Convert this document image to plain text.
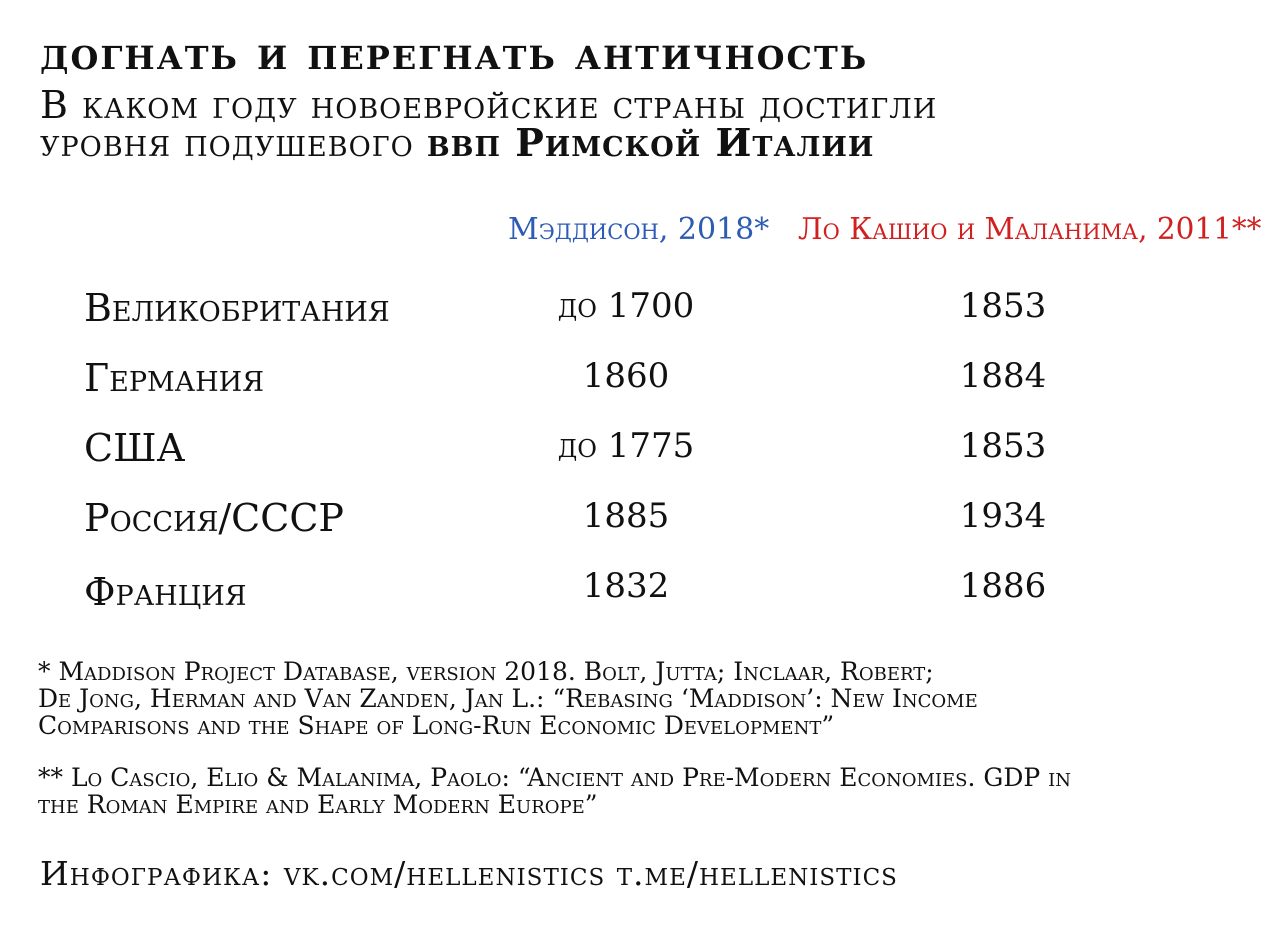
догнать и перегнать античность
В каком году новоевройские страны достигли
уровня подушевого ввп Римской Италии
Мэддисон, 2018* Ло Кашио и Маланима, 2011**
Великобритания	до 1700	1853
Германия	1860	1884
США	до 1775	1853
Россия/СССР	1885	1934
Франция	1832	1886
* Maddison Project Database, version 2018. Bolt, Jutta; Inclaar, Robert;
De Jong, Herman and Van Zanden, Jan L.: “Rebasing ‘Maddison’: New Income
Comparisons and the Shape of Long-Run Economic Development”
** Lo Cascio, Elio & Malanima, Paolo: “Ancient and Pre-Modern Economies. GDP in
the Roman Empire and Early Modern Europe”
Инфографика: vk.com/hellenistics t.me/hellenistics
